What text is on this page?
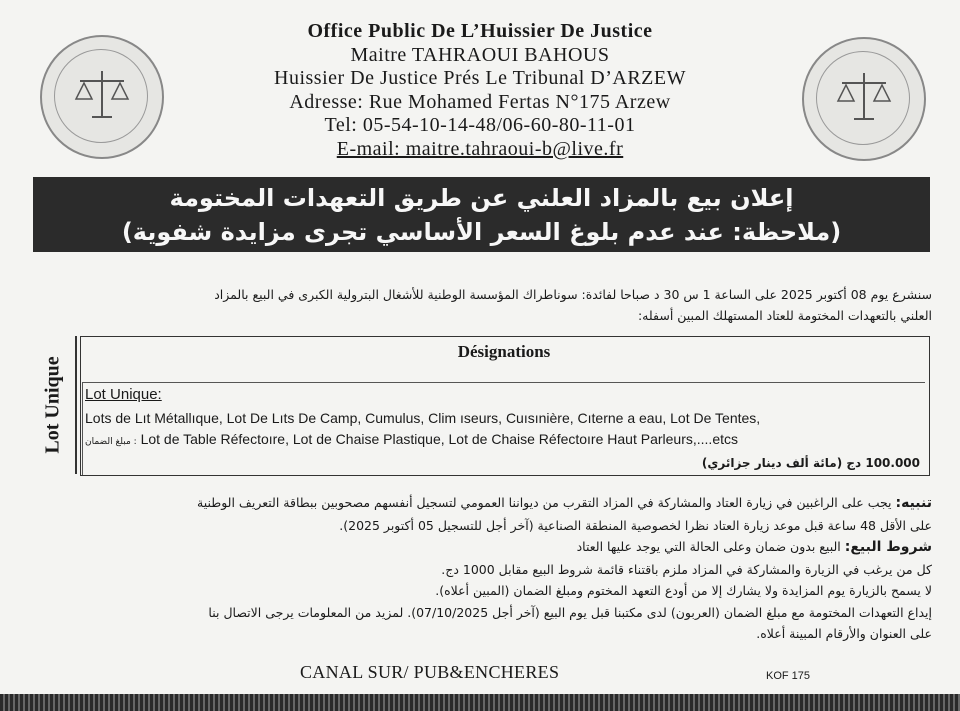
Office Public De L’Huissier De Justice
Maitre TAHRAOUI BAHOUS
Huissier De Justice Prés Le Tribunal D’ARZEW
Adresse: Rue Mohamed Fertas N°175 Arzew
Tel: 05-54-10-14-48/06-60-80-11-01
E-mail: maitre.tahraoui-b@live.fr
إعلان بيع بالمزاد العلني عن طريق التعهدات المختومة
(ملاحظة: عند عدم بلوغ السعر الأساسي تجرى مزايدة شفوية)
سنشرع يوم 08 أكتوبر 2025 على الساعة 1 س 30 د صباحا لفائدة: سوناطراك المؤسسة الوطنية للأشغال البترولية الكبرى في البيع بالمزاد
العلني بالتعهدات المختومة للعتاد المستهلك المبين أسفله:
Lot Unique
Désignations
Lot Unique:
Lots de Lıt Métallıque, Lot De Lıts De Camp, Cumulus, Clim ıseurs, Cuısınière, Cıterne a eau, Lot De Tentes,
مبلغ الضمان : Lot de Table Réfectoıre, Lot de Chaise Plastique, Lot de Chaise Réfectoıre Haut Parleurs,....etcs
100.000 دج (مائة ألف دينار جزائري)

تنبيه: يجب على الراغبين في زيارة العتاد والمشاركة في المزاد التقرب من ديواننا العمومي لتسجيل أنفسهم مصحوبين ببطاقة التعريف الوطنية

على الأقل 48 ساعة قبل موعد زيارة العتاد نظرا لخصوصية المنطقة الصناعية (آخر أجل للتسجيل 05 أكتوبر 2025).

شروط البيع: البيع بدون ضمان وعلى الحالة التي يوجد عليها العتاد

كل من يرغب في الزيارة والمشاركة في المزاد ملزم باقتناء قائمة شروط البيع مقابل 1000 دج.

لا يسمح بالزيارة يوم المزايدة ولا يشارك إلا من أودع التعهد المختوم ومبلغ الضمان (المبين أعلاه).

إيداع التعهدات المختومة مع مبلغ الضمان (العربون) لدى مكتبنا قبل يوم البيع (آخر أجل 07/10/2025). لمزيد من المعلومات يرجى الاتصال بنا

على العنوان والأرقام المبينة أعلاه.

CANAL SUR/ PUB&ENCHERES	KOF 175
